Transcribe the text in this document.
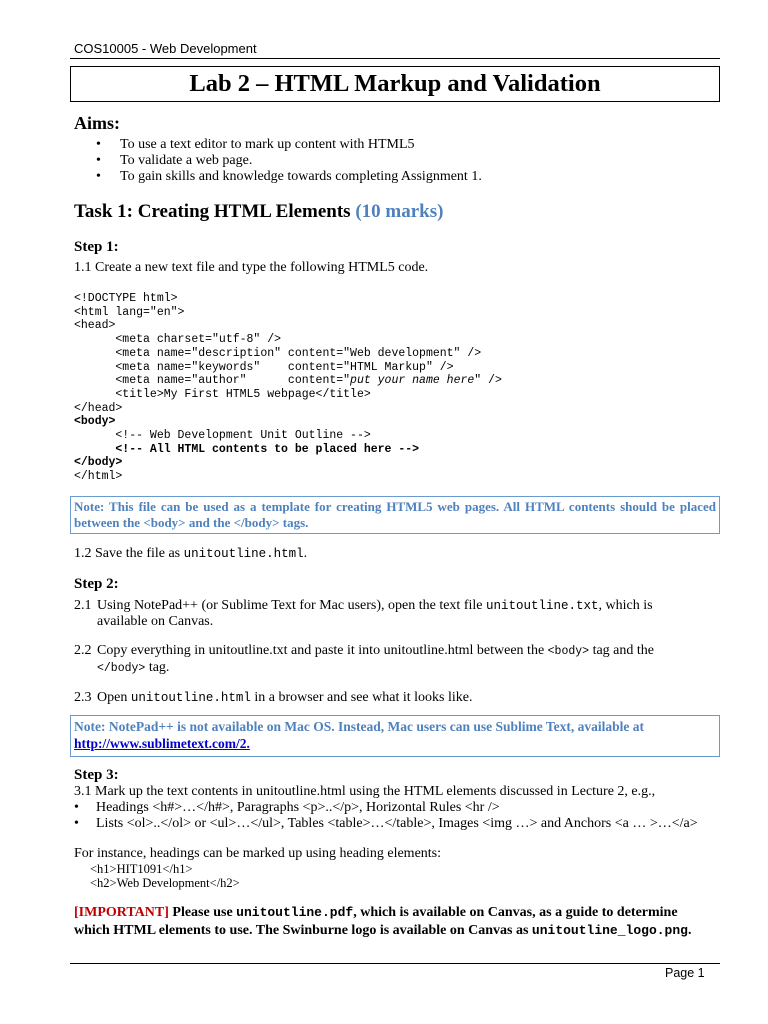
COS10005 - Web Development
Lab 2 – HTML Markup and Validation
Aims:
• To use a text editor to mark up content with HTML5
• To validate a web page.
• To gain skills and knowledge towards completing Assignment 1.
Task 1: Creating HTML Elements (10 marks)
Step 1:
1.1 Create a new text file and type the following HTML5 code.
<!DOCTYPE html>
<html lang="en">
<head>
<meta charset="utf-8" />
<meta name="description" content="Web development" />
<meta name="keywords"    content="HTML Markup" />
<meta name="author"      content="put your name here" />
<title>My First HTML5 webpage</title>
</head>
<body>
<!-- Web Development Unit Outline -->
<!-- All HTML contents to be placed here -->
</body>
</html>
Note: This file can be used as a template for creating HTML5 web pages. All HTML contents should be placed between the <body> and the </body> tags.
1.2 Save the file as unitoutline.html.
Step 2:
2.1 Using NotePad++ (or Sublime Text for Mac users), open the text file unitoutline.txt, which is
available on Canvas.
2.2 Copy everything in unitoutline.txt and paste it into unitoutline.html between the <body> tag and the
</body> tag.
2.3 Open unitoutline.html in a browser and see what it looks like.
Note: NotePad++ is not available on Mac OS. Instead, Mac users can use Sublime Text, available at
http://www.sublimetext.com/2.
Step 3:
3.1 Mark up the text contents in unitoutline.html using the HTML elements discussed in Lecture 2, e.g.,
• Headings <h#>…</h#>, Paragraphs <p>..</p>, Horizontal Rules <hr />
• Lists <ol>..</ol> or <ul>…</ul>, Tables <table>…</table>, Images <img …> and Anchors <a … >…</a>
For instance, headings can be marked up using heading elements:
<h1>HIT1091</h1>
<h2>Web Development</h2>
[IMPORTANT] Please use unitoutline.pdf, which is available on Canvas, as a guide to determine
which HTML elements to use. The Swinburne logo is available on Canvas as unitoutline_logo.png.
Page 1
